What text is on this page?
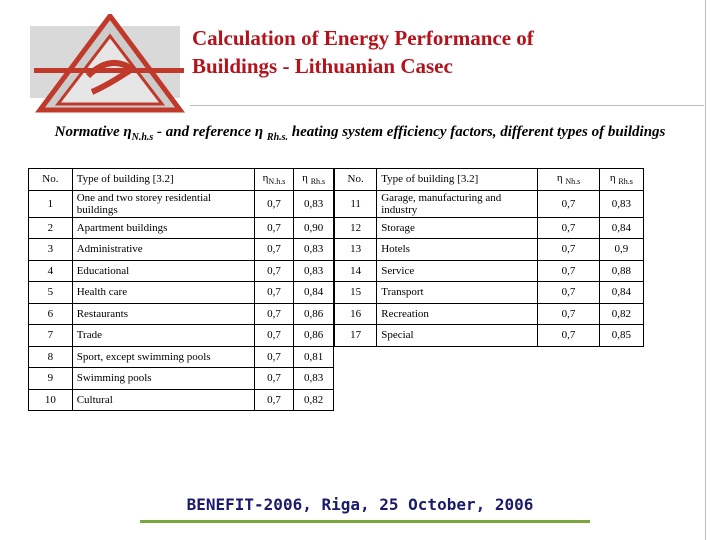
Calculation of Energy Performance of
Buildings - Lithuanian Casec

Normative $\eta_{N.h.s}$ - and reference η $_{Rh.s.}$ heating system efficiency factors, different types of buildings

No.	Type of building [3.2]	$\eta_{N.h.s}$	η $_{Rh.s}$
1	One and two storey residential buildings	0,7	0,83
2	Apartment buildings	0,7	0,90
3	Administrative	0,7	0,83
4	Educational	0,7	0,83
5	Health care	0,7	0,84
6	Restaurants	0,7	0,86
7	Trade	0,7	0,86
8	Sport, except swimming pools	0,7	0,81
9	Swimming pools	0,7	0,83
10	Cultural	0,7	0,82
No.	Type of building [3.2]	η $_{Nh.s}$	η $_{Rh.s}$
11	Garage, manufacturing and industry	0,7	0,83
12	Storage	0,7	0,84
13	Hotels	0,7	0,9
14	Service	0,7	0,88
15	Transport	0,7	0,84
16	Recreation	0,7	0,82
17	Special	0,7	0,85

BENEFIT-2006, Riga, 25 October, 2006
